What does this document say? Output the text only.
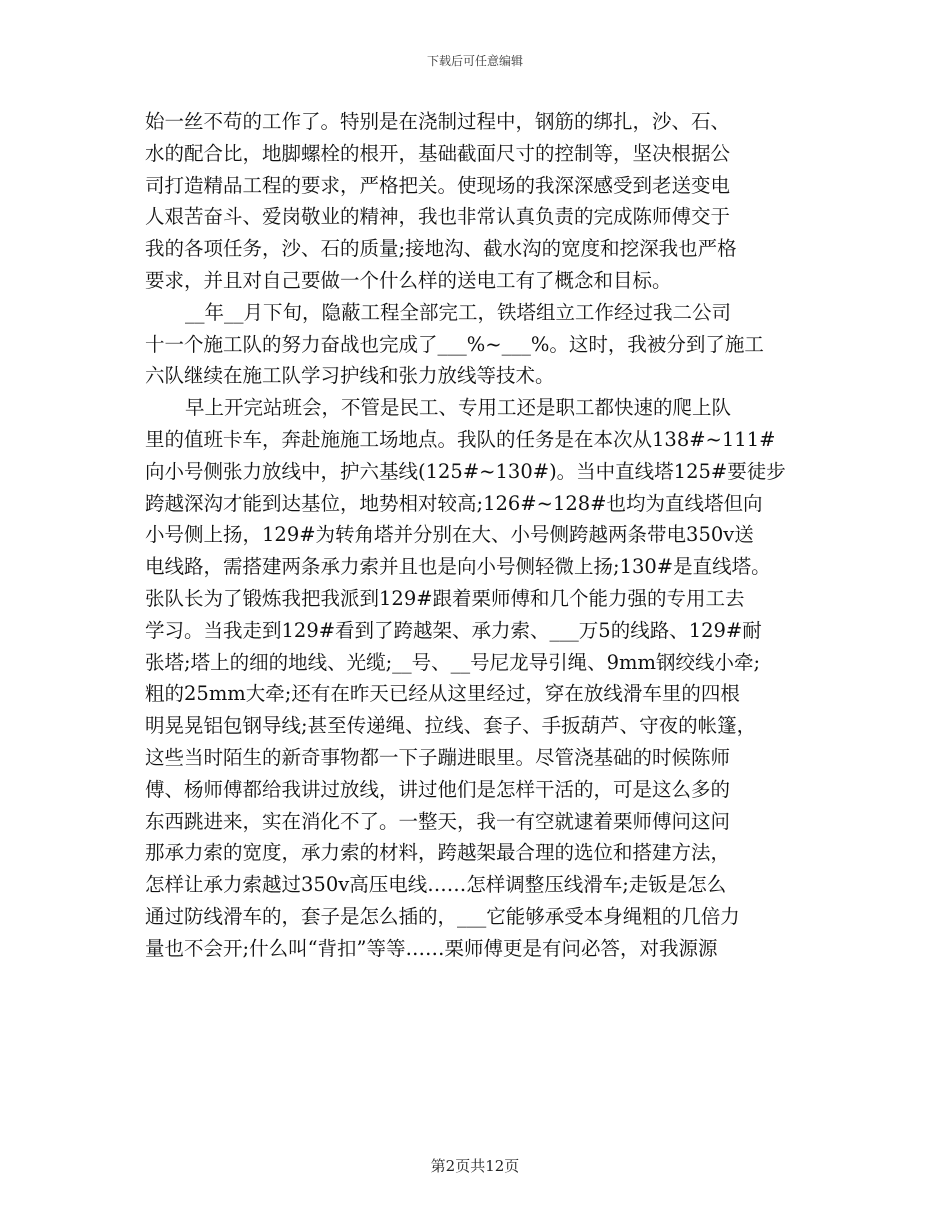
下载后可任意编辑
始一丝不苟的工作了。特别是在浇制过程中，钢筋的绑扎，沙、石、
水的配合比，地脚螺栓的根开，基础截面尺寸的控制等，坚决根据公
司打造精品工程的要求，严格把关。使现场的我深深感受到老送变电
人艰苦奋斗、爱岗敬业的精神，我也非常认真负责的完成陈师傅交于
我的各项任务，沙、石的质量;接地沟、截水沟的宽度和挖深我也严格
要求，并且对自己要做一个什么样的送电工有了概念和目标。
__年__月下旬，隐蔽工程全部完工，铁塔组立工作经过我二公司
十一个施工队的努力奋战也完成了___%~___%。这时，我被分到了施工
六队继续在施工队学习护线和张力放线等技术。
早上开完站班会，不管是民工、专用工还是职工都快速的爬上队
里的值班卡车，奔赴施施工场地点。我队的任务是在本次从138#~111#
向小号侧张力放线中，护六基线(125#~130#)。当中直线塔125#要徒步
跨越深沟才能到达基位，地势相对较高;126#~128#也均为直线塔但向
小号侧上扬，129#为转角塔并分别在大、小号侧跨越两条带电350v送
电线路，需搭建两条承力索并且也是向小号侧轻微上扬;130#是直线塔。
张队长为了锻炼我把我派到129#跟着栗师傅和几个能力强的专用工去
学习。当我走到129#看到了跨越架、承力索、___万5的线路、129#耐
张塔;塔上的细的地线、光缆;__号、__号尼龙导引绳、9mm钢绞线小牵;
粗的25mm大牵;还有在昨天已经从这里经过，穿在放线滑车里的四根
明晃晃铝包钢导线;甚至传递绳、拉线、套子、手扳葫芦、守夜的帐篷，
这些当时陌生的新奇事物都一下子蹦进眼里。尽管浇基础的时候陈师
傅、杨师傅都给我讲过放线，讲过他们是怎样干活的，可是这么多的
东西跳进来，实在消化不了。一整天，我一有空就逮着栗师傅问这问
那承力索的宽度，承力索的材料，跨越架最合理的选位和搭建方法，
怎样让承力索越过350v高压电线……怎样调整压线滑车;走钣是怎么
通过防线滑车的，套子是怎么插的，___它能够承受本身绳粗的几倍力
量也不会开;什么叫“背扣”等等……栗师傅更是有问必答，对我源源
第2页共12页
